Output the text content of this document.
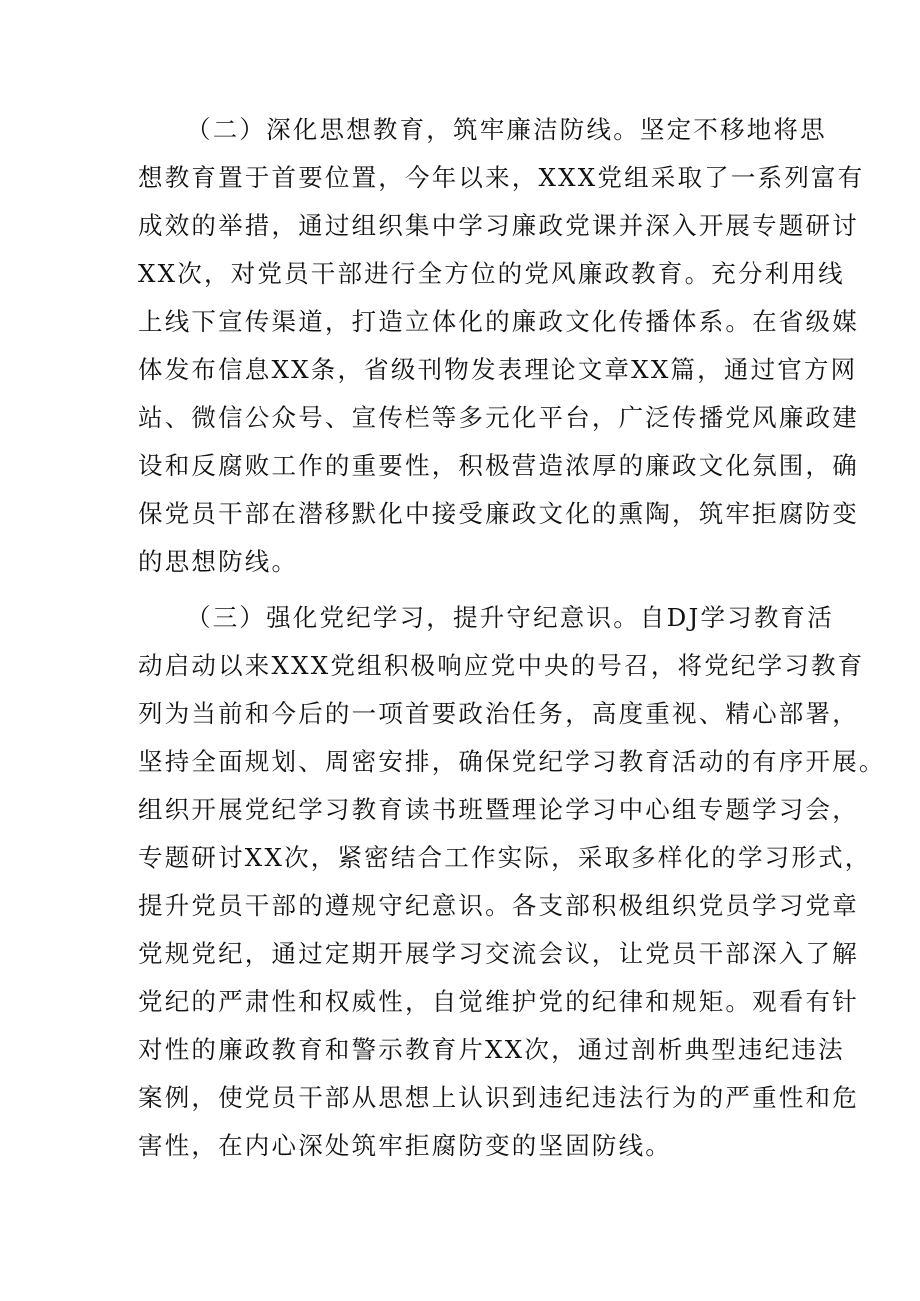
（二）深化思想教育，筑牢廉洁防线。坚定不移地将思
想教育置于首要位置，今年以来，XXX党组采取了一系列富有
成效的举措，通过组织集中学习廉政党课并深入开展专题研讨
XX次，对党员干部进行全方位的党风廉政教育。充分利用线
上线下宣传渠道，打造立体化的廉政文化传播体系。在省级媒
体发布信息XX条，省级刊物发表理论文章XX篇，通过官方网
站、微信公众号、宣传栏等多元化平台，广泛传播党风廉政建
设和反腐败工作的重要性，积极营造浓厚的廉政文化氛围，确
保党员干部在潜移默化中接受廉政文化的熏陶，筑牢拒腐防变
的思想防线。
（三）强化党纪学习，提升守纪意识。自DJ学习教育活
动启动以来XXX党组积极响应党中央的号召，将党纪学习教育
列为当前和今后的一项首要政治任务，高度重视、精心部署，
坚持全面规划、周密安排，确保党纪学习教育活动的有序开展。
组织开展党纪学习教育读书班暨理论学习中心组专题学习会，
专题研讨XX次，紧密结合工作实际，采取多样化的学习形式，
提升党员干部的遵规守纪意识。各支部积极组织党员学习党章
党规党纪，通过定期开展学习交流会议，让党员干部深入了解
党纪的严肃性和权威性，自觉维护党的纪律和规矩。观看有针
对性的廉政教育和警示教育片XX次，通过剖析典型违纪违法
案例，使党员干部从思想上认识到违纪违法行为的严重性和危
害性，在内心深处筑牢拒腐防变的坚固防线。
